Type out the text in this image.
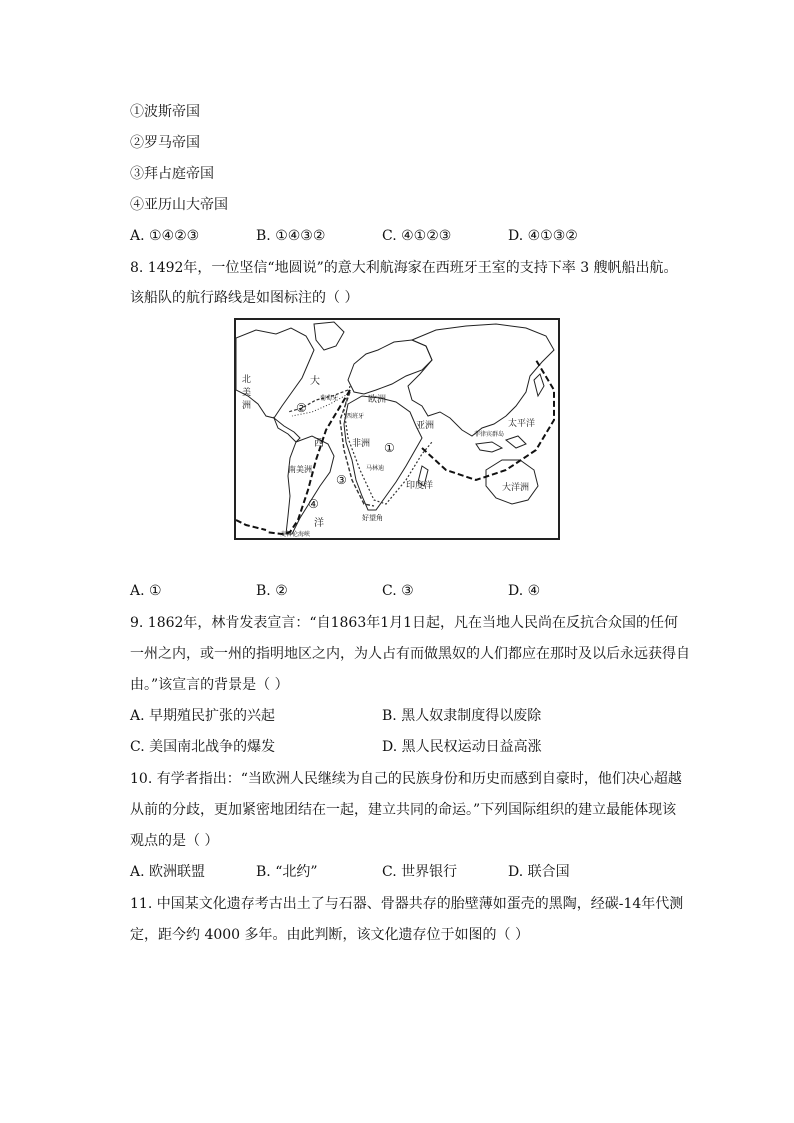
①波斯帝国
②罗马帝国
③拜占庭帝国
④亚历山大帝国
A. ①④②③	B. ①④③②	C. ④①②③	D. ④①③②
8. 1492年，一位坚信“地圆说”的意大利航海家在西班牙王室的支持下率 3 艘帆船出航。
该船队的航行路线是如图标注的（ ）
北美洲
大
西
洋
欧洲
亚洲
非洲
南美洲
印度洋
太平洋
大洋洲
葡萄牙
西班牙
好望角
马林迪
麦哲伦海峡
菲律宾群岛
①
②
③
④
A. ①	B. ②	C. ③	D. ④
9. 1862年，林肯发表宣言：“自1863年1月1日起，凡在当地人民尚在反抗合众国的任何
一州之内，或一州的指明地区之内，为人占有而做黑奴的人们都应在那时及以后永远获得自
由。”该宣言的背景是（ ）
A. 早期殖民扩张的兴起	B. 黑人奴隶制度得以废除
C. 美国南北战争的爆发	D. 黑人民权运动日益高涨
10. 有学者指出：“当欧洲人民继续为自己的民族身份和历史而感到自豪时，他们决心超越
从前的分歧，更加紧密地团结在一起，建立共同的命运。”下列国际组织的建立最能体现该
观点的是（ ）
A. 欧洲联盟	B. “北约”	C. 世界银行	D. 联合国
11. 中国某文化遗存考古出土了与石器、骨器共存的胎壁薄如蛋壳的黑陶，经碳-14年代测
定，距今约 4000 多年。由此判断，该文化遗存位于如图的（ ）
